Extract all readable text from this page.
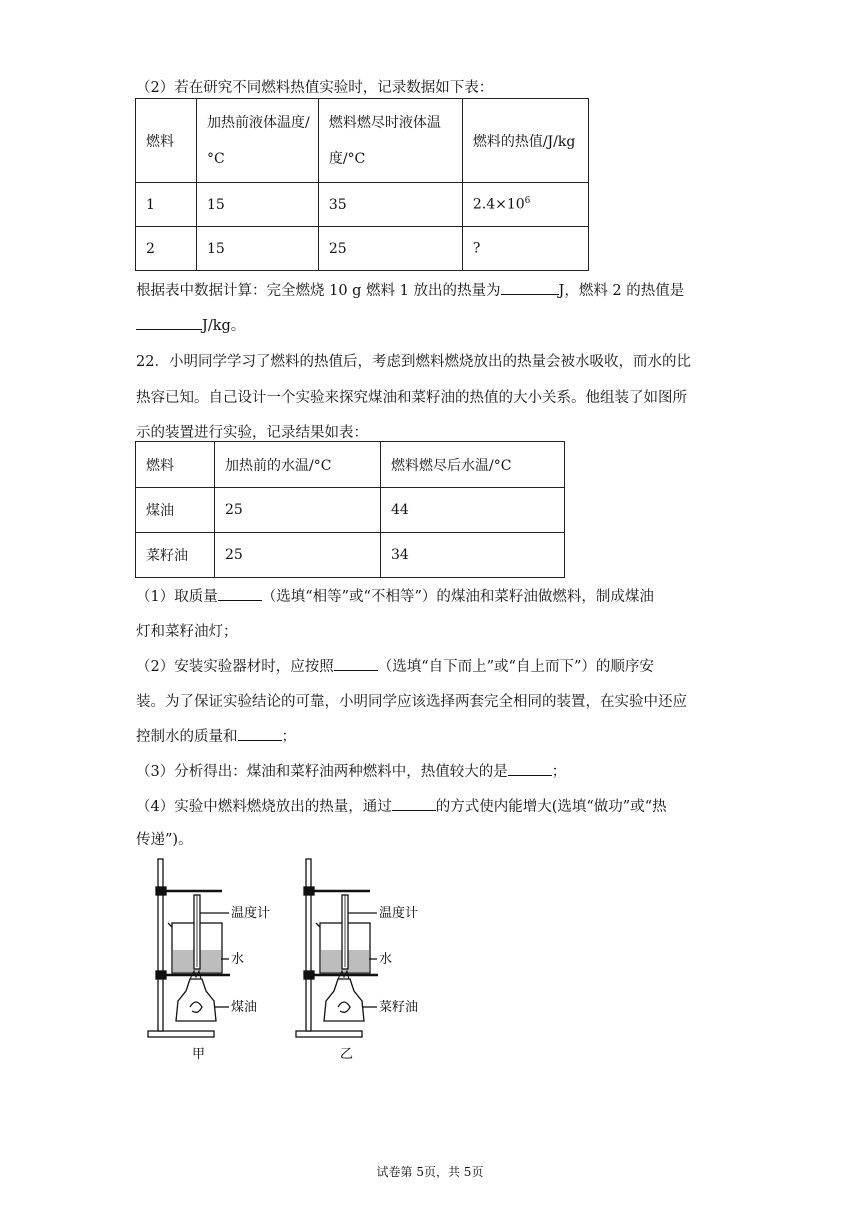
（2）若在研究不同燃料热值实验时，记录数据如下表：
燃料	加热前液体温度/°C	燃料燃尽时液体温度/°C	燃料的热值/J/kg
1	15	35	$2.4\times 10^6$
2	15	25	?
根据表中数据计算：完全燃烧 10 g 燃料 1 放出的热量为	J，燃料 2 的热值是
J/kg。
22．小明同学学习了燃料的热值后，考虑到燃料燃烧放出的热量会被水吸收，而水的比
热容已知。自己设计一个实验来探究煤油和菜籽油的热值的大小关系。他组装了如图所
示的装置进行实验，记录结果如表：
燃料	加热前的水温/°C	燃料燃尽后水温/°C
煤油	25	44
菜籽油	25	34
（1）取质量	（选填“相等”或“不相等”）的煤油和菜籽油做燃料，制成煤油
灯和菜籽油灯；
（2）安装实验器材时，应按照	（选填“自下而上”或“自上而下”）的顺序安
装。为了保证实验结论的可靠，小明同学应该选择两套完全相同的装置，在实验中还应
控制水的质量和	；
（3）分析得出：煤油和菜籽油两种燃料中，热值较大的是	；
（4）实验中燃料燃烧放出的热量，通过	的方式使内能增大(选填“做功”或“热
传递”)。
温度计
水
煤油
甲
温度计
水
菜籽油
乙
试卷第 5页，共 5页
